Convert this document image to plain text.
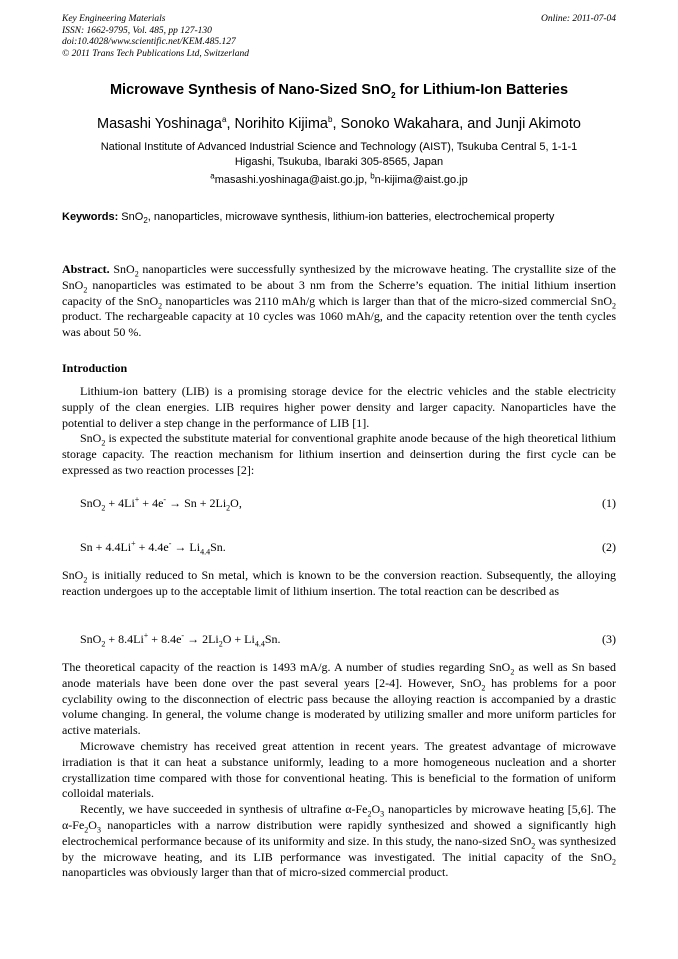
Key Engineering Materials
ISSN: 1662-9795, Vol. 485, pp 127-130
doi:10.4028/www.scientific.net/KEM.485.127
© 2011 Trans Tech Publications Ltd, Switzerland
Online: 2011-07-04
Microwave Synthesis of Nano-Sized SnO$_2$ for Lithium-Ion Batteries
Masashi Yoshinaga$^a$, Norihito Kijima$^b$, Sonoko Wakahara, and Junji Akimoto
National Institute of Advanced Industrial Science and Technology (AIST), Tsukuba Central 5, 1-1-1
Higashi, Tsukuba, Ibaraki 305-8565, Japan
$^a$masashi.yoshinaga@aist.go.jp, $^b$n-kijima@aist.go.jp
Keywords: SnO$_2$, nanoparticles, microwave synthesis, lithium-ion batteries, electrochemical property

Abstract. SnO$_2$ nanoparticles were successfully synthesized by the microwave heating. The crystallite size of the SnO$_2$ nanoparticles was estimated to be about 3 nm from the Scherre’s equation. The initial lithium insertion capacity of the SnO$_2$ nanoparticles was 2110 mAh/g which is larger than that of the micro-sized commercial SnO$_2$ product. The rechargeable capacity at 10 cycles was 1060 mAh/g, and the capacity retention over the tenth cycles was about 50 %.

Introduction

Lithium-ion battery (LIB) is a promising storage device for the electric vehicles and the stable electricity supply of the clean energies. LIB requires higher power density and larger capacity. Nanoparticles have the potential to deliver a step change in the performance of LIB [1].

SnO$_2$ is expected the substitute material for conventional graphite anode because of the high theoretical lithium storage capacity. The reaction mechanism for lithium insertion and deinsertion during the first cycle can be expressed as two reaction processes [2]:

$SnO_2 + 4Li^+ + 4e^- \to Sn + 2Li_2O$,	(1)
$Sn + 4.4Li^+ + 4.4e^- \to Li_{4.4}Sn$.	(2)

SnO$_2$ is initially reduced to Sn metal, which is known to be the conversion reaction. Subsequently, the alloying reaction undergoes up to the acceptable limit of lithium insertion. The total reaction can be described as

$SnO_2 + 8.4Li^+ + 8.4e^- \to 2Li_2O + Li_{4.4}Sn$.	(3)

The theoretical capacity of the reaction is 1493 mA/g. A number of studies regarding SnO$_2$ as well as Sn based anode materials have been done over the past several years [2-4]. However, SnO$_2$ has problems for a poor cyclability owing to the disconnection of electric pass because the alloying reaction is accompanied by a drastic volume changing. In general, the volume change is moderated by utilizing smaller and more uniform particles for active materials.

Microwave chemistry has received great attention in recent years. The greatest advantage of microwave irradiation is that it can heat a substance uniformly, leading to a more homogeneous nucleation and a shorter crystallization time compared with those for conventional heating. This is beneficial to the formation of uniform colloidal materials.

Recently, we have succeeded in synthesis of ultrafine $\alpha-Fe_2O_3$ nanoparticles by microwave heating [5,6]. The $\alpha-Fe_2O_3$ nanoparticles with a narrow distribution were rapidly synthesized and showed a significantly high electrochemical performance because of its uniformity and size. In this study, the nano-sized SnO$_2$ was synthesized by the microwave heating, and its LIB performance was investigated. The initial capacity of the SnO$_2$ nanoparticles was obviously larger than that of micro-sized commercial product.
